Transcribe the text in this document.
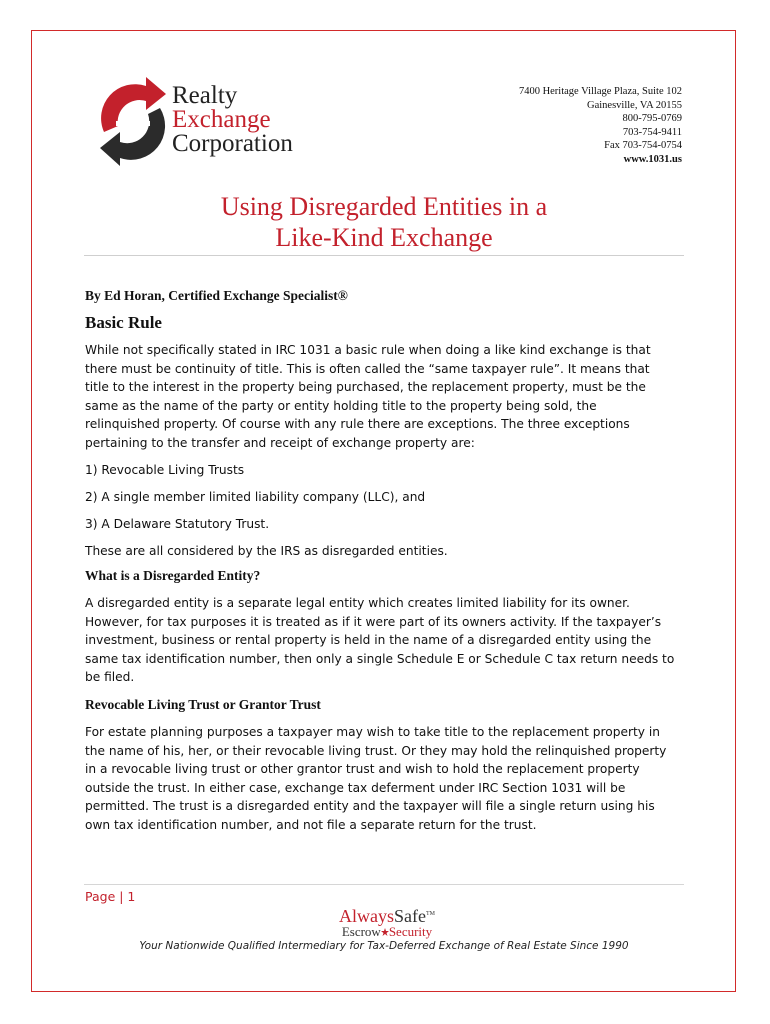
Realty
Exchange
Corporation
7400 Heritage Village Plaza, Suite 102
Gainesville, VA 20155
800-795-0769
703-754-9411
Fax 703-754-0754
www.1031.us
Using Disregarded Entities in a
Like-Kind Exchange
By Ed Horan, Certified Exchange Specialist®
Basic Rule
While not specifically stated in IRC 1031 a basic rule when doing a like kind exchange is that
there must be continuity of title. This is often called the “same taxpayer rule”. It means that
title to the interest in the property being purchased, the replacement property, must be the
same as the name of the party or entity holding title to the property being sold, the
relinquished property. Of course with any rule there are exceptions. The three exceptions
pertaining to the transfer and receipt of exchange property are:
1) Revocable Living Trusts
2) A single member limited liability company (LLC), and
3) A Delaware Statutory Trust.
These are all considered by the IRS as disregarded entities.
What is a Disregarded Entity?
A disregarded entity is a separate legal entity which creates limited liability for its owner.
However, for tax purposes it is treated as if it were part of its owners activity. If the taxpayer’s
investment, business or rental property is held in the name of a disregarded entity using the
same tax identification number, then only a single Schedule E or Schedule C tax return needs to
be filed.
Revocable Living Trust or Grantor Trust
For estate planning purposes a taxpayer may wish to take title to the replacement property in
the name of his, her, or their revocable living trust. Or they may hold the relinquished property
in a revocable living trust or other grantor trust and wish to hold the replacement property
outside the trust. In either case, exchange tax deferment under IRC Section 1031 will be
permitted. The trust is a disregarded entity and the taxpayer will file a single return using his
own tax identification number, and not file a separate return for the trust.
Page | 1
AlwaysSafe™
Escrow Security
Your Nationwide Qualified Intermediary for Tax-Deferred Exchange of Real Estate Since 1990
